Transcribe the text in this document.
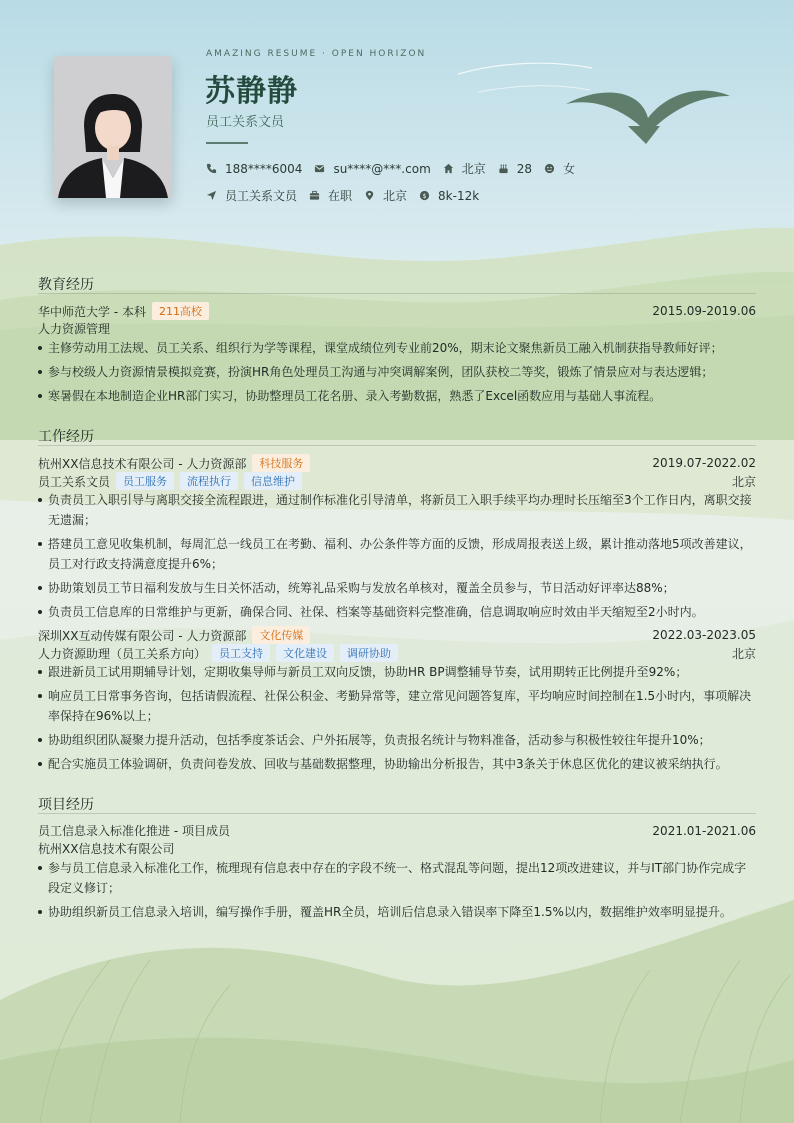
AMAZING RESUME · OPEN HORIZON
苏静静
员工关系文员
188****6004	su****@***.com	北京	28	女
员工关系文员	在职	北京 $ 8k-12k
教育经历
华中师范大学 - 本科	211高校	2015.09-2019.06
人力资源管理
主修劳动用工法规、员工关系、组织行为学等课程，课堂成绩位列专业前20%，期末论文聚焦新员工融入机制获指导教师好评；
参与校级人力资源情景模拟竞赛，扮演HR角色处理员工沟通与冲突调解案例，团队获校二等奖，锻炼了情景应对与表达逻辑；
寒暑假在本地制造企业HR部门实习，协助整理员工花名册、录入考勤数据，熟悉了Excel函数应用与基础人事流程。
工作经历
杭州XX信息技术有限公司 - 人力资源部	科技服务	2019.07-2022.02
员工关系文员	员工服务	流程执行	信息维护	北京
负责员工入职引导与离职交接全流程跟进，通过制作标准化引导清单，将新员工入职手续平均办理时长压缩至3个工作日内，离职交接无遗漏；
搭建员工意见收集机制，每周汇总一线员工在考勤、福利、办公条件等方面的反馈，形成周报表送上级，累计推动落地5项改善建议，员工对行政支持满意度提升6%；
协助策划员工节日福利发放与生日关怀活动，统筹礼品采购与发放名单核对，覆盖全员参与，节日活动好评率达88%；
负责员工信息库的日常维护与更新，确保合同、社保、档案等基础资料完整准确，信息调取响应时效由半天缩短至2小时内。
深圳XX互动传媒有限公司 - 人力资源部	文化传媒	2022.03-2023.05
人力资源助理（员工关系方向）	员工支持	文化建设	调研协助	北京
跟进新员工试用期辅导计划，定期收集导师与新员工双向反馈，协助HR BP调整辅导节奏，试用期转正比例提升至92%；
响应员工日常事务咨询，包括请假流程、社保公积金、考勤异常等，建立常见问题答复库，平均响应时间控制在1.5小时内，事项解决率保持在96%以上；
协助组织团队凝聚力提升活动，包括季度茶话会、户外拓展等，负责报名统计与物料准备，活动参与积极性较往年提升10%；
配合实施员工体验调研，负责问卷发放、回收与基础数据整理，协助输出分析报告，其中3条关于休息区优化的建议被采纳执行。
项目经历
员工信息录入标准化推进 - 项目成员	2021.01-2021.06
杭州XX信息技术有限公司
参与员工信息录入标准化工作，梳理现有信息表中存在的字段不统一、格式混乱等问题，提出12项改进建议，并与IT部门协作完成字段定义修订；
协助组织新员工信息录入培训，编写操作手册，覆盖HR全员，培训后信息录入错误率下降至1.5%以内，数据维护效率明显提升。
